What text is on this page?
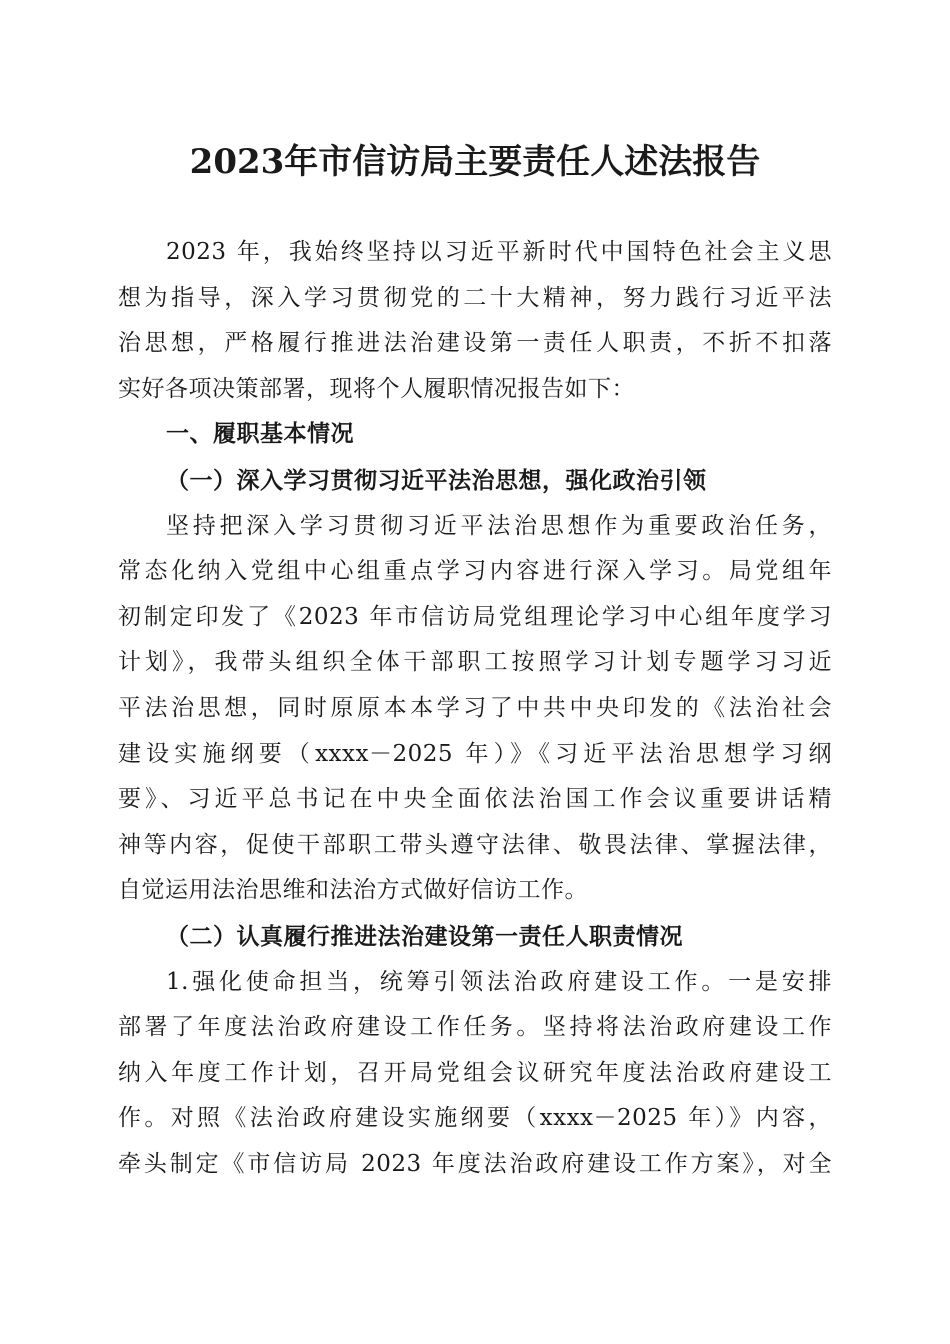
2023年市信访局主要责任人述法报告
2023 年，我始终坚持以习近平新时代中国特色社会主义思
想为指导，深入学习贯彻党的二十大精神，努力践行习近平法
治思想，严格履行推进法治建设第一责任人职责，不折不扣落
实好各项决策部署，现将个人履职情况报告如下：
一、履职基本情况
（一）深入学习贯彻习近平法治思想，强化政治引领
坚持把深入学习贯彻习近平法治思想作为重要政治任务，
常态化纳入党组中心组重点学习内容进行深入学习。局党组年
初制定印发了《2023 年市信访局党组理论学习中心组年度学习
计划》，我带头组织全体干部职工按照学习计划专题学习习近
平法治思想，同时原原本本学习了中共中央印发的《法治社会
建设实施纲要（xxxx－2025 年）》《习近平法治思想学习纲
要》、习近平总书记在中央全面依法治国工作会议重要讲话精
神等内容，促使干部职工带头遵守法律、敬畏法律、掌握法律，
自觉运用法治思维和法治方式做好信访工作。
（二）认真履行推进法治建设第一责任人职责情况
1.强化使命担当，统筹引领法治政府建设工作。一是安排
部署了年度法治政府建设工作任务。坚持将法治政府建设工作
纳入年度工作计划，召开局党组会议研究年度法治政府建设工
作。对照《法治政府建设实施纲要（xxxx－2025 年）》内容，
牵头制定《市信访局 2023 年度法治政府建设工作方案》，对全
